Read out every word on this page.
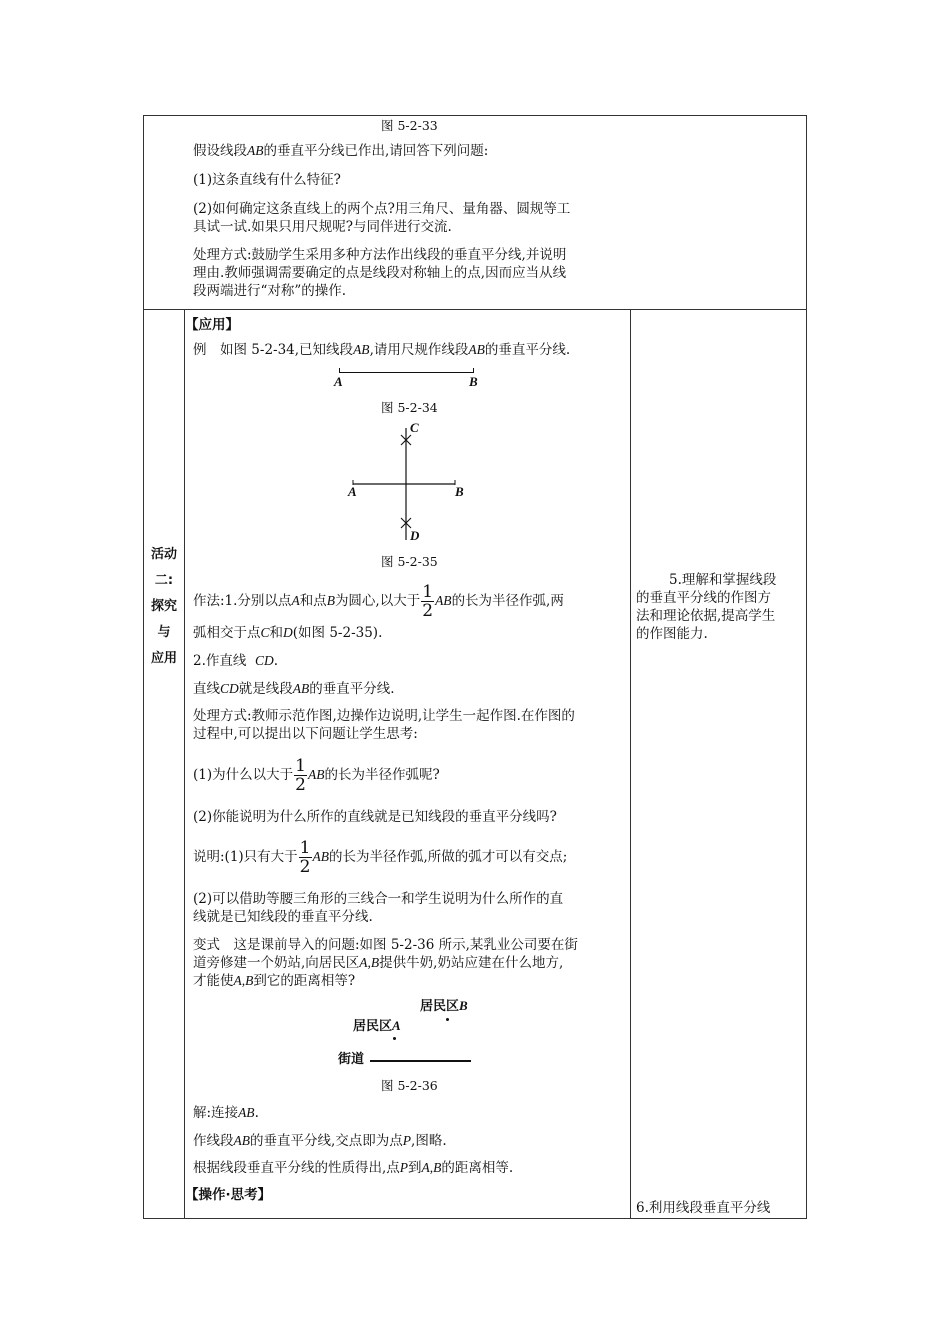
图 5-2-33
假设线段AB的垂直平分线已作出,请回答下列问题:
(1)这条直线有什么特征?
(2)如何确定这条直线上的两个点?用三角尺、量角器、圆规等工
具试一试.如果只用尺规呢?与同伴进行交流.
处理方式:鼓励学生采用多种方法作出线段的垂直平分线,并说明
理由.教师强调需要确定的点是线段对称轴上的点,因而应当从线
段两端进行“对称”的操作.
活动
二:
探究
与
应用
【应用】
例　如图 5-2-34,已知线段AB,请用尺规作线段AB的垂直平分线.
A	B
图 5-2-34
C
A	B
D
图 5-2-35
作法:1.分别以点A和点B为圆心,以大于 $\frac{1}{2}$ AB的长为半径作弧,两
弧相交于点C和D(如图 5-2-35).
2.作直线 CD.
直线CD就是线段AB的垂直平分线.
处理方式:教师示范作图,边操作边说明,让学生一起作图.在作图的
过程中,可以提出以下问题让学生思考:
(1)为什么以大于 $\frac{1}{2}$ AB的长为半径作弧呢?
(2)你能说明为什么所作的直线就是已知线段的垂直平分线吗?
说明:(1)只有大于 $\frac{1}{2}$ AB的长为半径作弧,所做的弧才可以有交点;
(2)可以借助等腰三角形的三线合一和学生说明为什么所作的直
线就是已知线段的垂直平分线.
变式　这是课前导入的问题:如图 5-2-36 所示,某乳业公司要在街
道旁修建一个奶站,向居民区A,B提供牛奶,奶站应建在什么地方,
才能使A,B到它的距离相等?
居民区B
居民区A
街道
图 5-2-36
解:连接AB.
作线段AB的垂直平分线,交点即为点P,图略.
根据线段垂直平分线的性质得出,点P到A,B的距离相等.
【操作·思考】
5.理解和掌握线段
的垂直平分线的作图方
法和理论依据,提高学生
的作图能力.
6.利用线段垂直平分线
